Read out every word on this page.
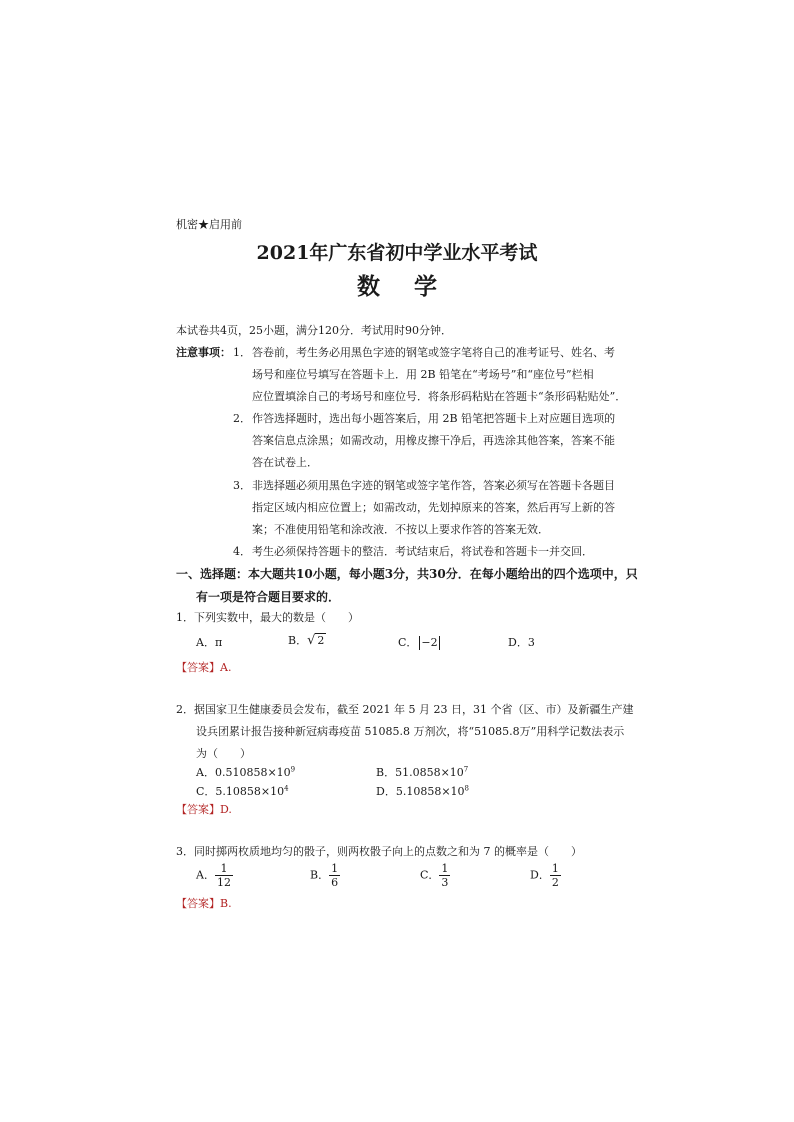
机密★启用前
2021年广东省初中学业水平考试
数学
本试卷共4页，25小题，满分120分．考试用时90分钟．
注意事项： 1． 答卷前，考生务必用黑色字迹的钢笔或签字笔将自己的准考证号、姓名、考
场号和座位号填写在答题卡上．用 2B 铅笔在“考场号”和“座位号”栏相
应位置填涂自己的考场号和座位号．将条形码粘贴在答题卡“条形码粘贴处”．
2． 作答选择题时，选出每小题答案后，用 2B 铅笔把答题卡上对应题目选项的
答案信息点涂黑；如需改动，用橡皮擦干净后，再选涂其他答案，答案不能
答在试卷上．
3． 非选择题必须用黑色字迹的钢笔或签字笔作答，答案必须写在答题卡各题目
指定区域内相应位置上；如需改动，先划掉原来的答案，然后再写上新的答
案；不准使用铅笔和涂改液．不按以上要求作答的答案无效．
4． 考生必须保持答题卡的整洁．考试结束后，将试卷和答题卡一并交回．
一、选择题：本大题共10小题，每小题3分，共30分．在每小题给出的四个选项中，只
有一项是符合题目要求的．
1．下列实数中，最大的数是（　　）
A．π	B．√ 2	C． −2	D．3
【答案】A.
2．据国家卫生健康委员会发布，截至 2021 年 5 月 23 日，31 个省（区、市）及新疆生产建
设兵团累计报告接种新冠病毒疫苗 51085.8 万剂次，将“51085.8万”用科学记数法表示
为（　　）
A．$0.510858\times 10^9$	B．$51.0858\times 10^7$
C．$5.10858\times 10^4$	D．$5.10858\times 10^8$
【答案】D.
3．同时掷两枚质地均匀的骰子，则两枚骰子向上的点数之和为 7 的概率是（　　）
A． $\frac{1}{12}$	B． $\frac{1}{6}$	C． $\frac{1}{3}$	D． $\frac{1}{2}$
【答案】B.
